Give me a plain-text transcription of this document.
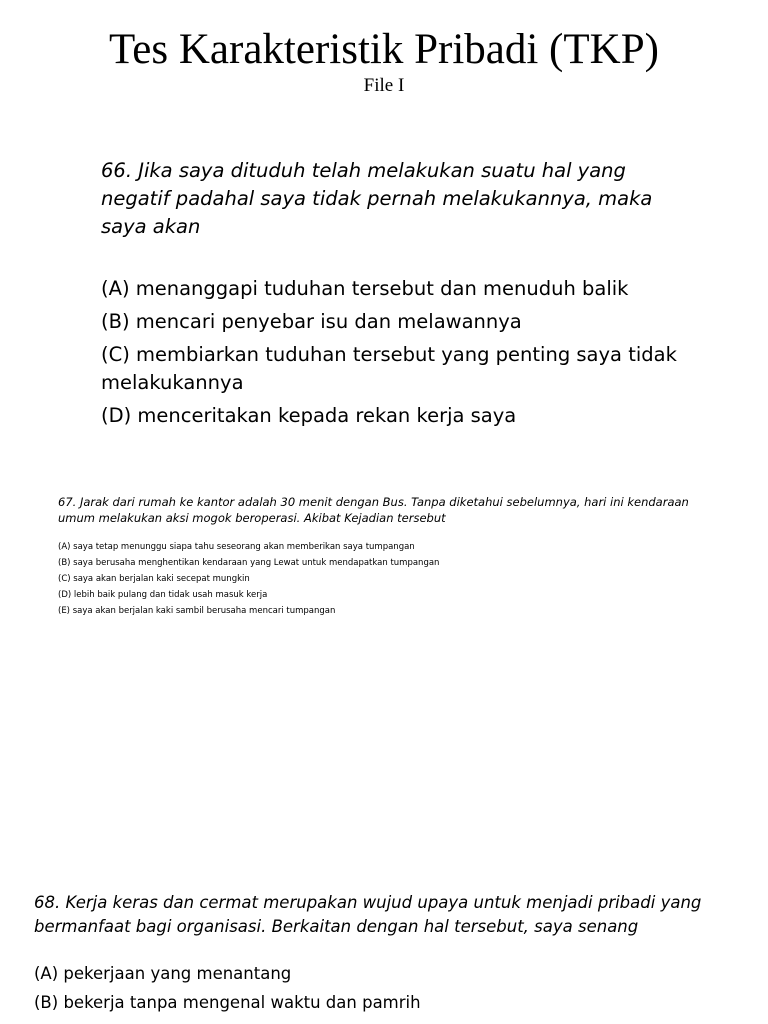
Tes Karakteristik Pribadi (TKP)
File I

66. Jika saya dituduh telah melakukan suatu hal yang negatif padahal saya tidak pernah melakukannya, maka saya akan

(A) menanggapi tuduhan tersebut dan menuduh balik

(B) mencari penyebar isu dan melawannya

(C) membiarkan tuduhan tersebut yang penting saya tidak melakukannya

(D) menceritakan kepada rekan kerja saya

67. Jarak dari rumah ke kantor adalah 30 menit dengan Bus. Tanpa diketahui sebelumnya, hari ini kendaraan umum melakukan aksi mogok beroperasi. Akibat Kejadian tersebut

(A) saya tetap menunggu siapa tahu seseorang akan memberikan saya tumpangan

(B) saya berusaha menghentikan kendaraan yang Lewat untuk mendapatkan tumpangan

(C) saya akan berjalan kaki secepat mungkin

(D) lebih baik pulang dan tidak usah masuk kerja

(E) saya akan berjalan kaki sambil berusaha mencari tumpangan

68. Kerja keras dan cermat merupakan wujud upaya untuk menjadi pribadi yang bermanfaat bagi organisasi. Berkaitan dengan hal tersebut, saya senang

(A) pekerjaan yang menantang

(B) bekerja tanpa mengenal waktu dan pamrih
